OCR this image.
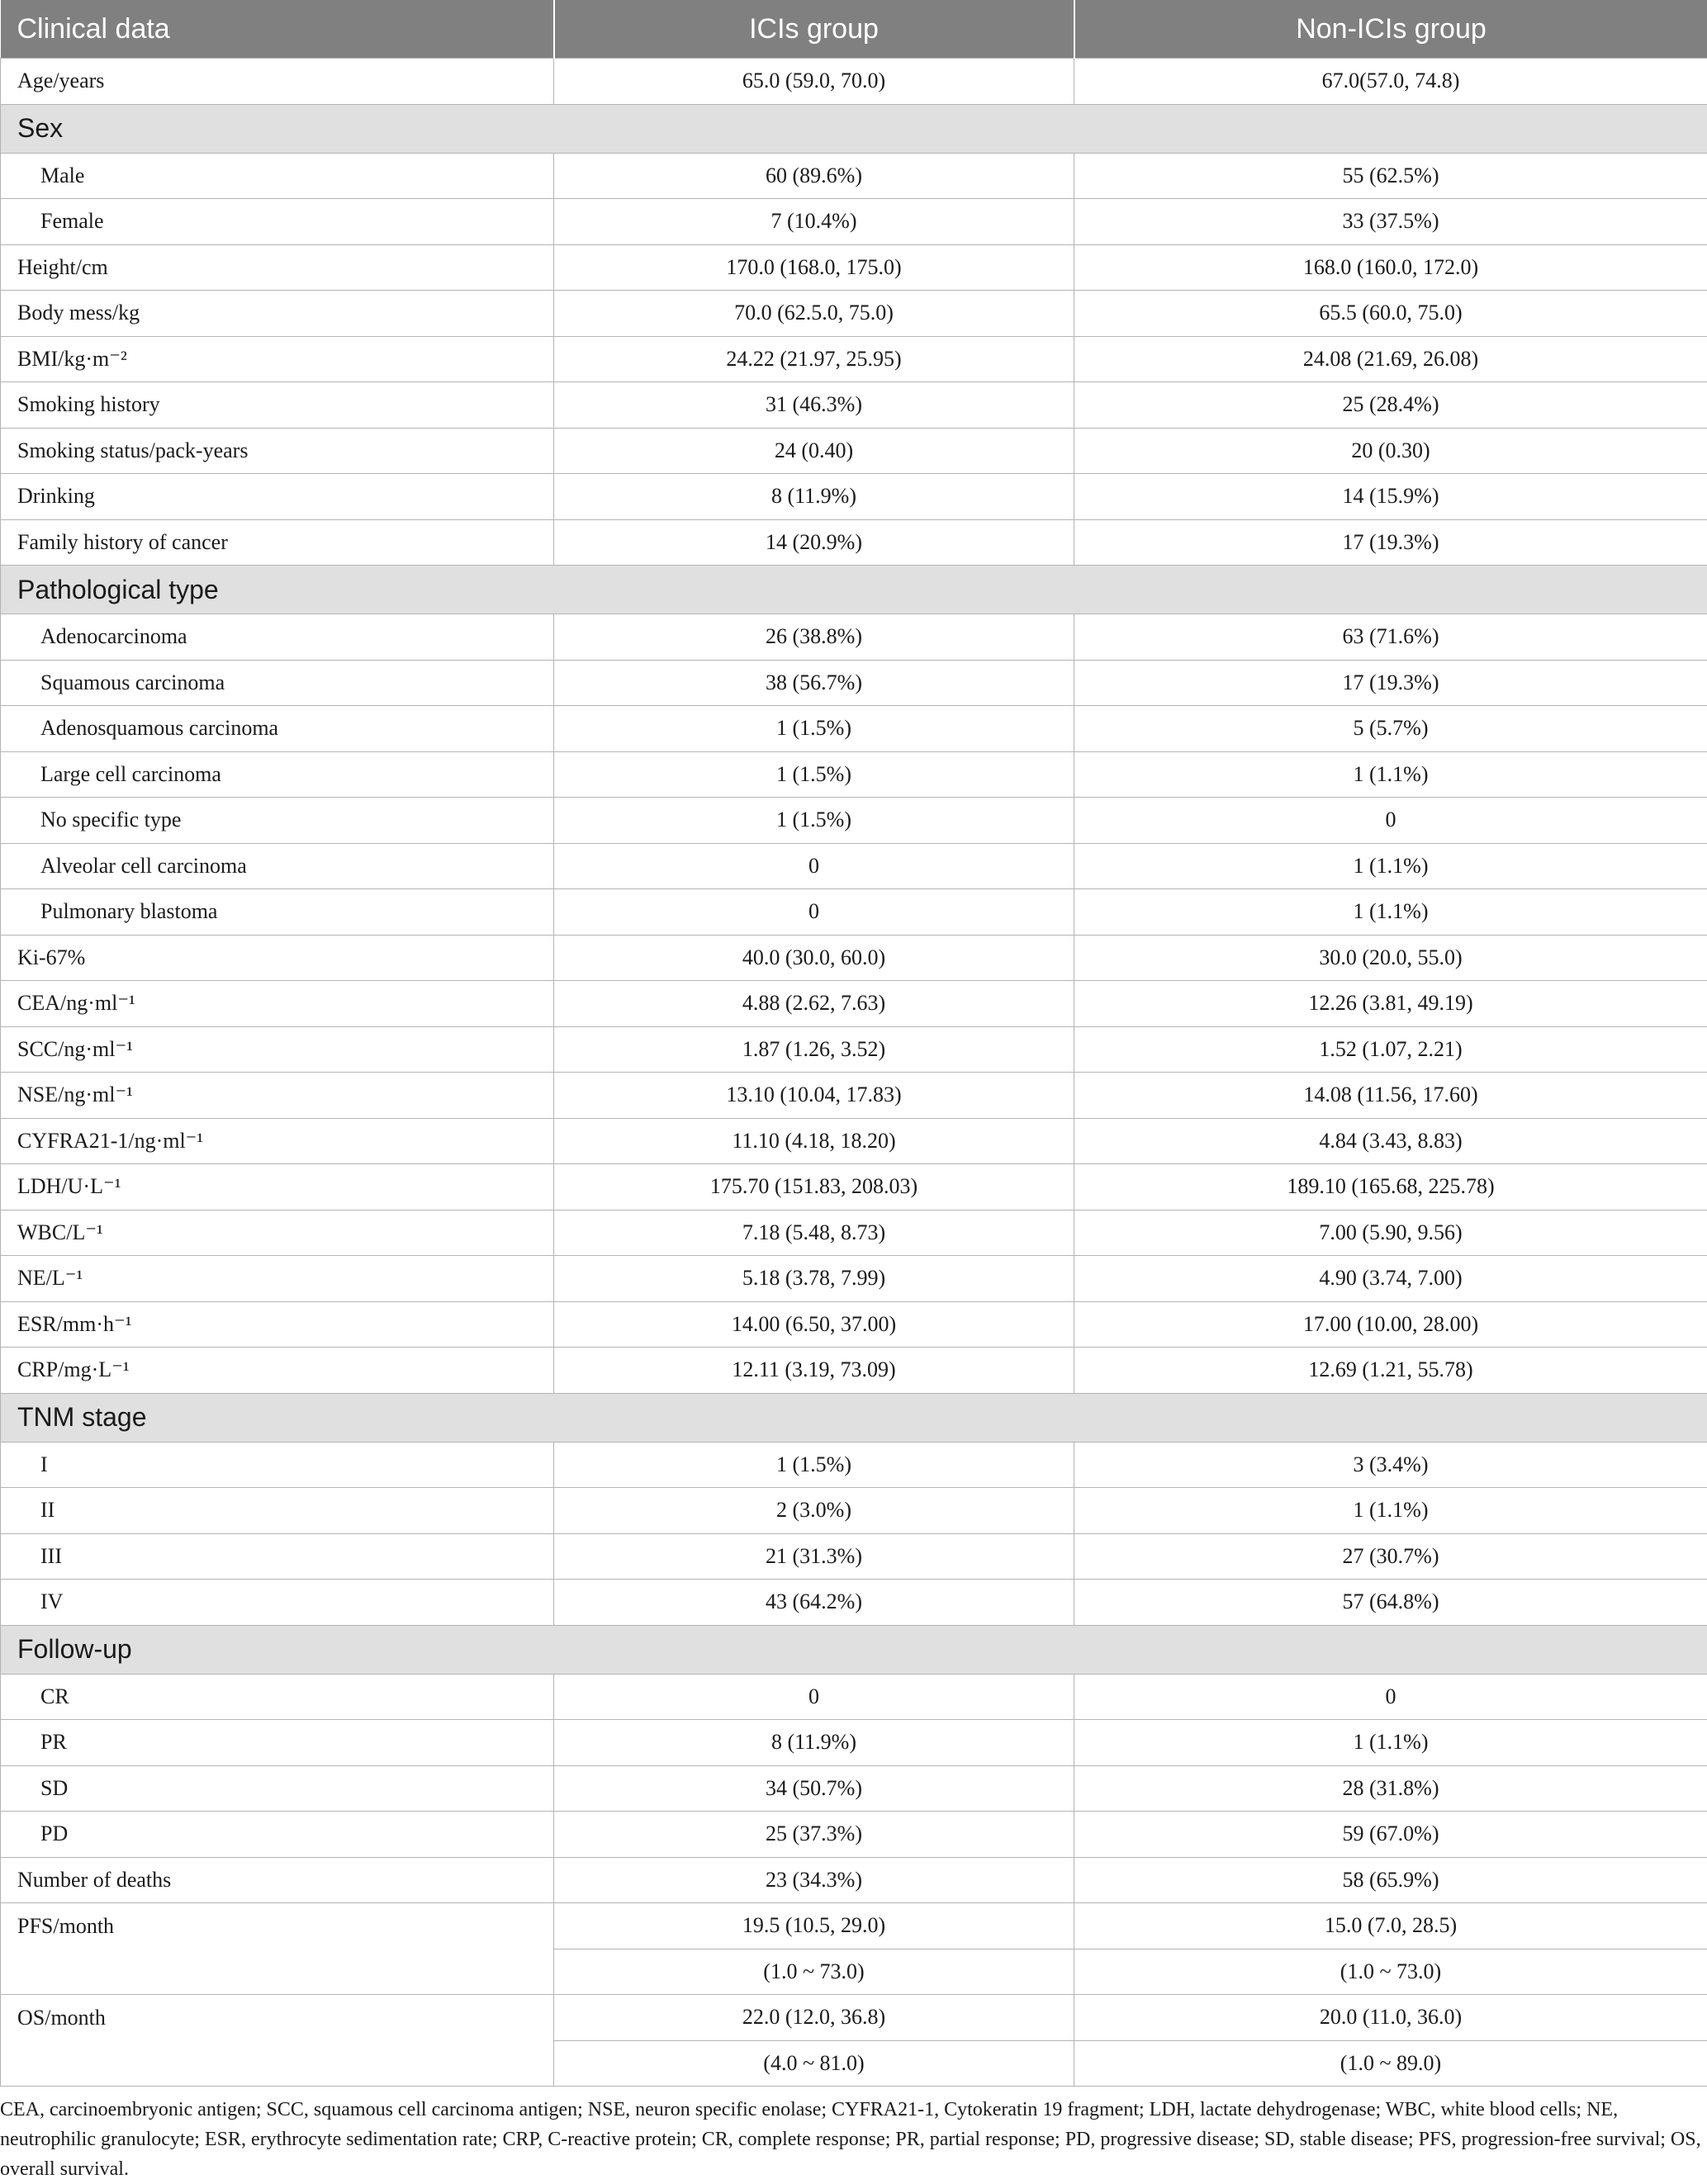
Clinical data	ICIs group	Non-ICIs group
Age/years	65.0 (59.0, 70.0)	67.0(57.0, 74.8)
Sex		
Male	60 (89.6%)	55 (62.5%)
Female	7 (10.4%)	33 (37.5%)
Height/cm	170.0 (168.0, 175.0)	168.0 (160.0, 172.0)
Body mess/kg	70.0 (62.5.0, 75.0)	65.5 (60.0, 75.0)
BMI/kg·m⁻²	24.22 (21.97, 25.95)	24.08 (21.69, 26.08)
Smoking history	31 (46.3%)	25 (28.4%)
Smoking status/pack-years	24 (0.40)	20 (0.30)
Drinking	8 (11.9%)	14 (15.9%)
Family history of cancer	14 (20.9%)	17 (19.3%)
Pathological type		
Adenocarcinoma	26 (38.8%)	63 (71.6%)
Squamous carcinoma	38 (56.7%)	17 (19.3%)
Adenosquamous carcinoma	1 (1.5%)	5 (5.7%)
Large cell carcinoma	1 (1.5%)	1 (1.1%)
No specific type	1 (1.5%)	0
Alveolar cell carcinoma	0	1 (1.1%)
Pulmonary blastoma	0	1 (1.1%)
Ki-67%	40.0 (30.0, 60.0)	30.0 (20.0, 55.0)
CEA/ng·ml⁻¹	4.88 (2.62, 7.63)	12.26 (3.81, 49.19)
SCC/ng·ml⁻¹	1.87 (1.26, 3.52)	1.52 (1.07, 2.21)
NSE/ng·ml⁻¹	13.10 (10.04, 17.83)	14.08 (11.56, 17.60)
CYFRA21-1/ng·ml⁻¹	11.10 (4.18, 18.20)	4.84 (3.43, 8.83)
LDH/U·L⁻¹	175.70 (151.83, 208.03)	189.10 (165.68, 225.78)
WBC/L⁻¹	7.18 (5.48, 8.73)	7.00 (5.90, 9.56)
NE/L⁻¹	5.18 (3.78, 7.99)	4.90 (3.74, 7.00)
ESR/mm·h⁻¹	14.00 (6.50, 37.00)	17.00 (10.00, 28.00)
CRP/mg·L⁻¹	12.11 (3.19, 73.09)	12.69 (1.21, 55.78)
TNM stage		
I	1 (1.5%)	3 (3.4%)
II	2 (3.0%)	1 (1.1%)
III	21 (31.3%)	27 (30.7%)
IV	43 (64.2%)	57 (64.8%)
Follow-up		
CR	0	0
PR	8 (11.9%)	1 (1.1%)
SD	34 (50.7%)	28 (31.8%)
PD	25 (37.3%)	59 (67.0%)
Number of deaths	23 (34.3%)	58 (65.9%)
PFS/month	19.5 (10.5, 29.0)	15.0 (7.0, 28.5)
	(1.0 ~ 73.0)	(1.0 ~ 73.0)
OS/month	22.0 (12.0, 36.8)	20.0 (11.0, 36.0)
	(4.0 ~ 81.0)	(1.0 ~ 89.0)

CEA, carcinoembryonic antigen; SCC, squamous cell carcinoma antigen; NSE, neuron specific enolase; CYFRA21-1, Cytokeratin 19 fragment; LDH, lactate dehydrogenase; WBC, white blood cells; NE, neutrophilic granulocyte; ESR, erythrocyte sedimentation rate; CRP, C-reactive protein; CR, complete response; PR, partial response; PD, progressive disease; SD, stable disease; PFS, progression-free survival; OS, overall survival.
